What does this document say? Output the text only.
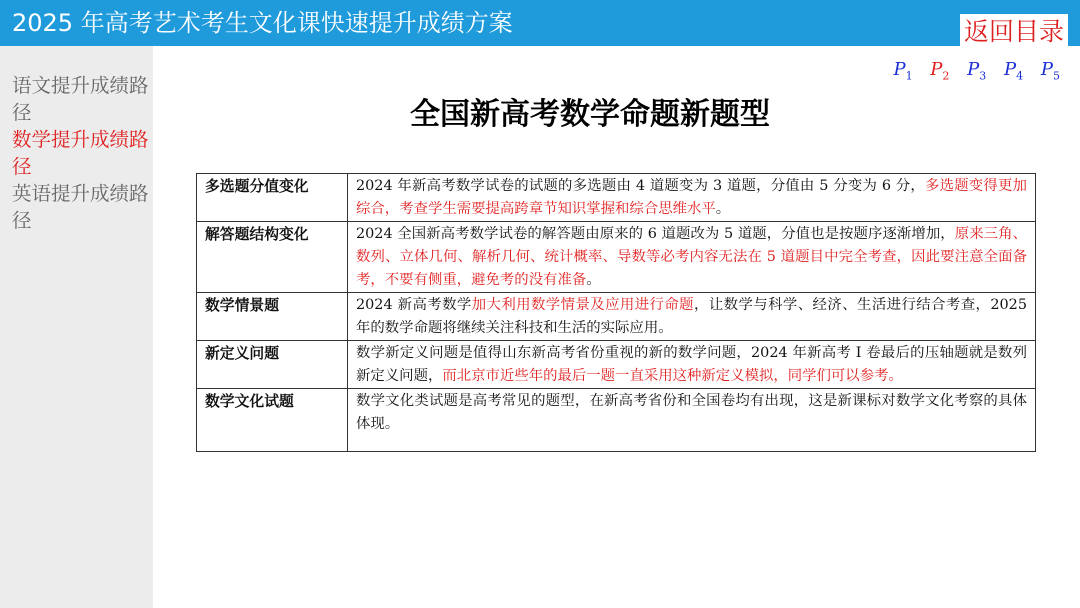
2025 年高考艺术考生文化课快速提升成绩方案	返回目录
语文提升成绩路径
数学提升成绩路径
英语提升成绩路径
$P_1$ $P_2$ $P_3$ $P_4$ $P_5$
全国新高考数学命题新题型
多选题分值变化	2024 年新高考数学试卷的试题的多选题由 4 道题变为 3 道题，分值由 5 分变为 6 分，多选题变得更加综合，考查学生需要提高跨章节知识掌握和综合思维水平。
解答题结构变化	2024 全国新高考数学试卷的解答题由原来的 6 道题改为 5 道题，分值也是按题序逐渐增加，原来三角、数列、立体几何、解析几何、统计概率、导数等必考内容无法在 5 道题目中完全考查，因此要注意全面备考，不要有侧重，避免考的没有准备。
数学情景题	2024 新高考数学加大利用数学情景及应用进行命题，让数学与科学、经济、生活进行结合考查，2025 年的数学命题将继续关注科技和生活的实际应用。
新定义问题	数学新定义问题是值得山东新高考省份重视的新的数学问题，2024 年新高考 I 卷最后的压轴题就是数列新定义问题，而北京市近些年的最后一题一直采用这种新定义模拟，同学们可以参考。
数学文化试题	数学文化类试题是高考常见的题型，在新高考省份和全国卷均有出现，这是新课标对数学文化考察的具体体现。
